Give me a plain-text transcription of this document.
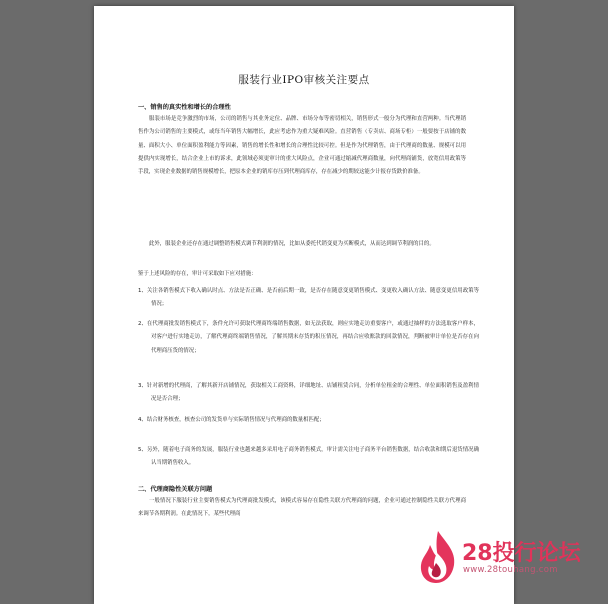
服装行业IPO审核关注要点
一、销售的真实性和增长的合理性
服装市场是竞争激烈的市场，公司的销售与其业务定位、品牌、市场分布等密切相关，销售形式一般分为代理和直营两种。当代理销售作为公司销售的主要模式，或每当年销售大幅增长，此应考虑作为重大疑难风险。直营销售（专卖店、商场专柜）一般要按于店铺的数量、面积大小、单位面积盈利能力等因素，销售的增长性和增长的合理性比较可控。但是作为代理销售，由于代理商的数量、规模可以用提供内实现增长，结合企业上市的诉求，此领域必须更审计的重大风险点，企业可通过缩减代理商数量，向代理商铺货，放宽信用政策等手段，实现企业数据的销售规模增长，把原本企业的销库存压到代理商库存，存在减少的期较这能少计报存货跌价准备。
此外，服装企业还存在通过调整销售模式调节利润的情况，比如从委托代销变更为买断模式，从而达到调节利润的目的。
鉴于上述风险的存在，审计可采取如下应对措施：
1、关注各销售模式下收入确认时点、方法是否正确、是否前后期一致，是否存在随意变更销售模式、变更收入确认方法、随意变更信用政策等情况；
2、在代理商批发销售模式下，条件允许可获取代理商终端销售数据，如无法获取，则应实地走访重要客户，或通过抽样的方法选取客户样本，对客户进行实地走访，了解代理商终端销售情况，了解其期末存货的积压情况，再结合应收账款的回款情况，判断被审计单位是否存在向代理商压货的情况；
3、针对新增的代理商，了解其新开店铺情况，获取相关工商资料，详细地址、店铺租赁合同，分析单位租金的合理性、单位面积销售及盈利情况是否合理；
4、结合财务核查，核查公司的发货单与实际销售情况与代理商的数量相匹配；
5、另外，随着电子商务的发展，服装行业也越来越多采用电子商务销售模式，审计需关注电子商务平台销售数据，结合收款和期后退货情况确认当期销售收入。
二、代理商隐性关联方问题
一般情况下服装行业主要销售模式为代理商批发模式，该模式容易存在隐性关联方代理商的问题，企业可通过控制隐性关联方代理商来调节各期利润。在此情况下，某些代理商
28投行论坛
www.28touhang.com
